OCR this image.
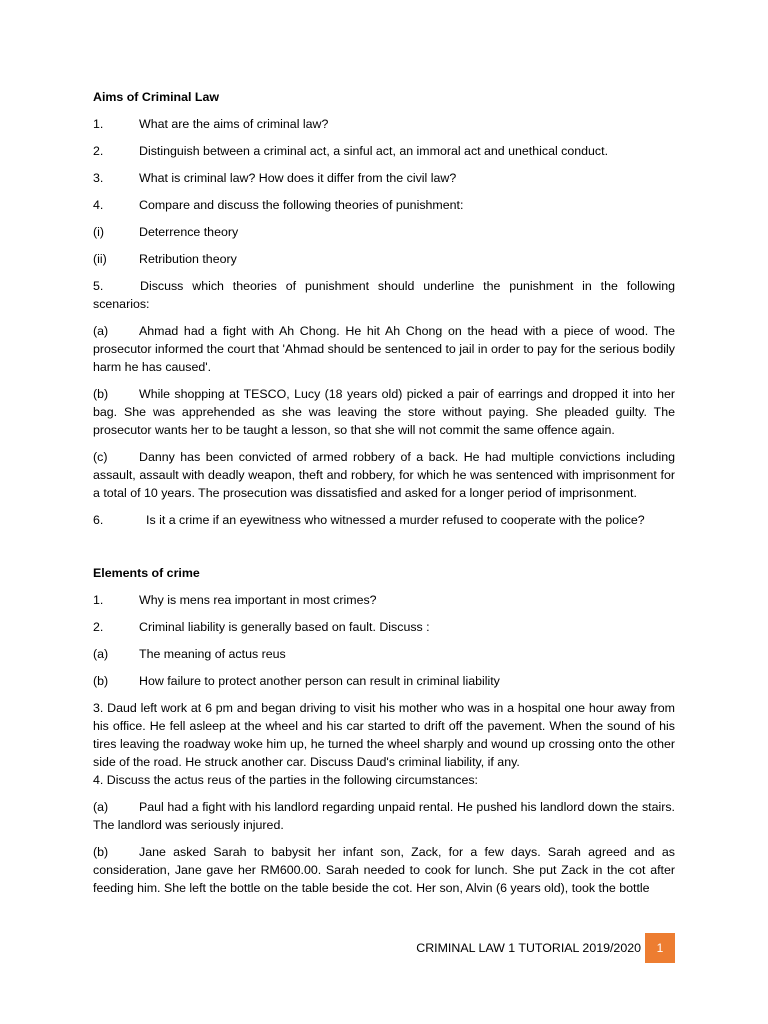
Aims of Criminal Law
1.	What are the aims of criminal law?
2.	Distinguish between a criminal act, a sinful act, an immoral act and unethical conduct.
3.	What is criminal law? How does it differ from the civil law?
4.	Compare and discuss the following theories of punishment:
(i)	Deterrence theory
(ii)	Retribution theory
5.	Discuss which theories of punishment should underline the punishment in the following scenarios:
(a) Ahmad had a fight with Ah Chong. He hit Ah Chong on the head with a piece of wood. The prosecutor informed the court that 'Ahmad should be sentenced to jail in order to pay for the serious bodily harm he has caused'.
(b) While shopping at TESCO, Lucy (18 years old) picked a pair of earrings and dropped it into her bag. She was apprehended as she was leaving the store without paying. She pleaded guilty. The prosecutor wants her to be taught a lesson, so that she will not commit the same offence again.
(c)	Danny has been convicted of armed robbery of a back. He had multiple convictions including assault, assault with deadly weapon, theft and robbery, for which he was sentenced with imprisonment for a total of 10 years. The prosecution was dissatisfied and asked for a longer period of imprisonment.
6.	Is it a crime if an eyewitness who witnessed a murder refused to cooperate with the police?
Elements of crime
1.	Why is mens rea important in most crimes?
2.	Criminal liability is generally based on fault. Discuss :
(a)	The meaning of actus reus
(b)	How failure to protect another person can result in criminal liability
3. Daud left work at 6 pm and began driving to visit his mother who was in a hospital one hour away from his office. He fell asleep at the wheel and his car started to drift off the pavement. When the sound of his tires leaving the roadway woke him up, he turned the wheel sharply and wound up crossing onto the other side of the road. He struck another car. Discuss Daud's criminal liability, if any.
4. Discuss the actus reus of the parties in the following circumstances:
(a) Paul had a fight with his landlord regarding unpaid rental. He pushed his landlord down the stairs. The landlord was seriously injured.
(b) Jane asked Sarah to babysit her infant son, Zack, for a few days. Sarah agreed and as consideration, Jane gave her RM600.00. Sarah needed to cook for lunch. She put Zack in the cot after feeding him. She left the bottle on the table beside the cot. Her son, Alvin (6 years old), took the bottle
CRIMINAL LAW 1 TUTORIAL 2019/2020	1
